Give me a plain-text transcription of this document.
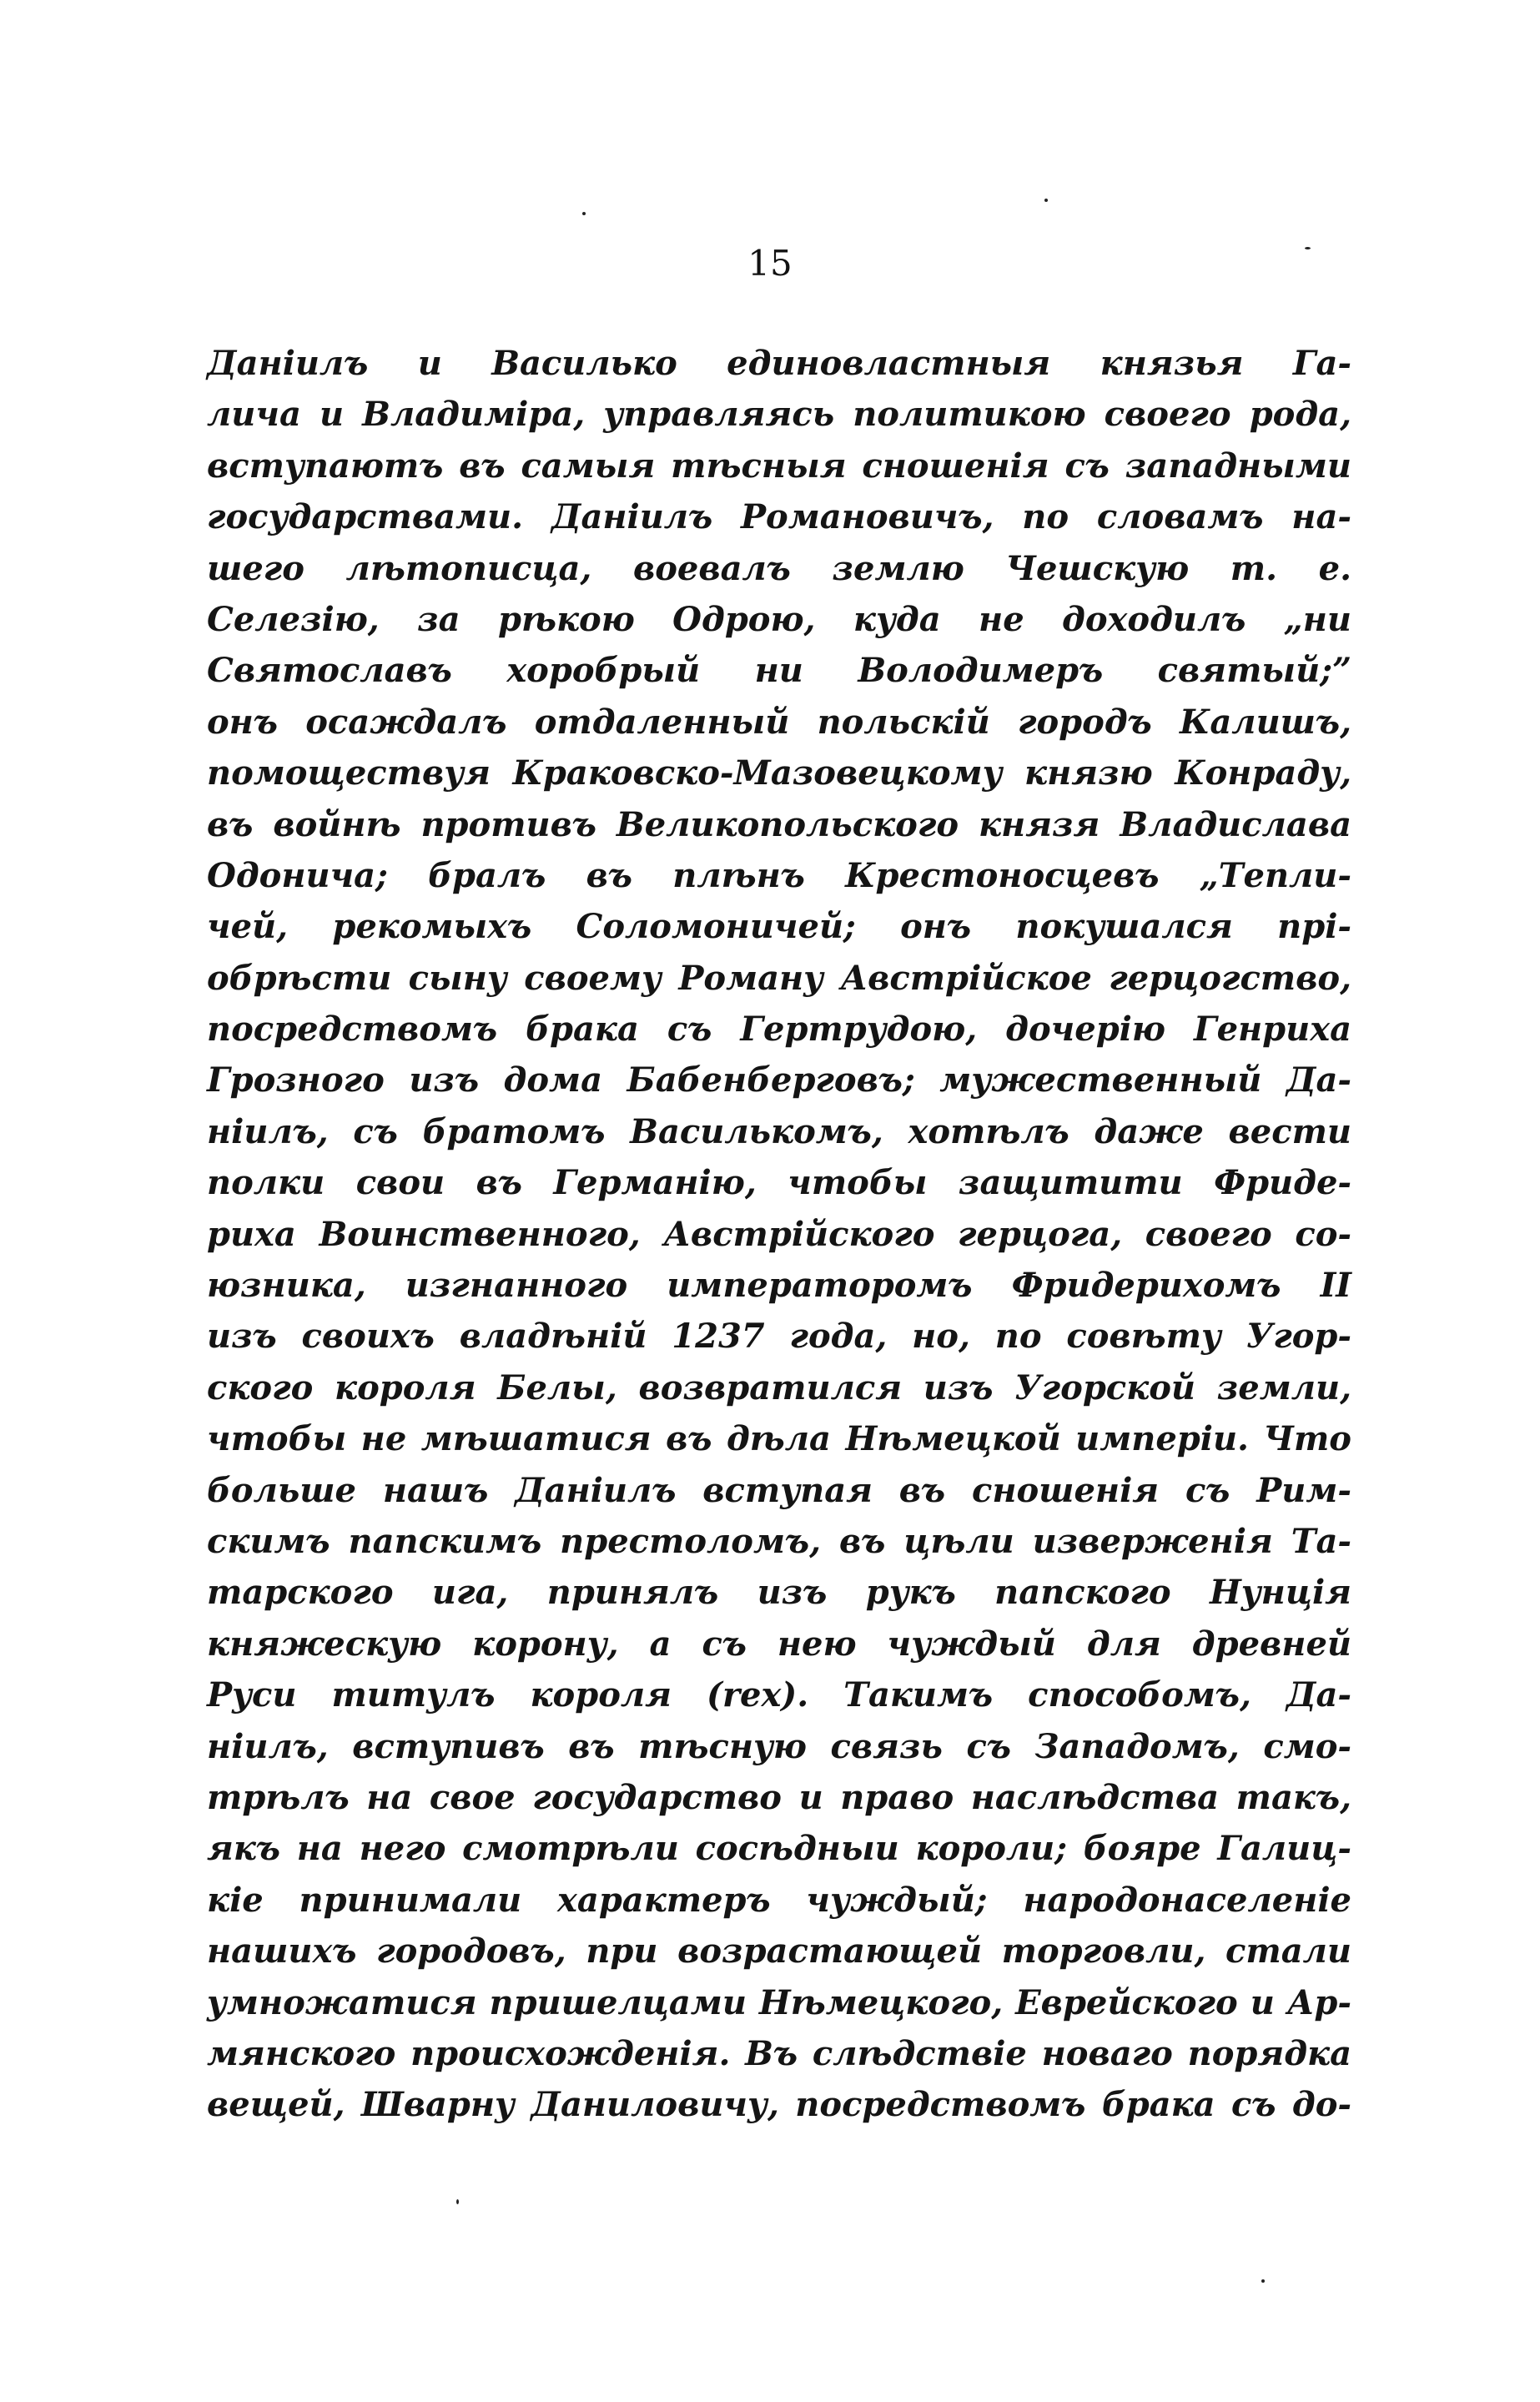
15
Даніилъ и Василько единовластныя князья Га-
лича и Владиміра, управляясь политикою своего рода,
вступаютъ въ самыя тѣсныя сношенія съ западными
государствами. Даніилъ Романовичъ, по словамъ на-
шего лѣтописца, воевалъ землю Чешскую т. е.
Селезію, за рѣкою Одрою, куда не доходилъ „ни
Святославъ хоробрый ни Володимеръ святый;”
онъ осаждалъ отдаленный польскій городъ Калишъ,
помоществуя Краковско-Мазовецкому князю Конраду,
въ войнѣ противъ Великопольского князя Владислава
Одонича; бралъ въ плѣнъ Крестоносцевъ „Тепли-
чей, рекомыхъ Соломоничей; онъ покушался прі-
обрѣсти сыну своему Роману Австрійское герцогство,
посредствомъ брака съ Гертрудою, дочерію Генриха
Грозного изъ дома Бабенберговъ; мужественный Да-
ніилъ, съ братомъ Василькомъ, хотѣлъ даже вести
полки свои въ Германію, чтобы защитити Фриде-
риха Воинственного, Австрійского герцога, своего со-
юзника, изгнанного императоромъ Фридерихомъ II
изъ своихъ владѣній 1237 года, но, по совѣту Угор-
ского короля Белы, возвратился изъ Угорской земли,
чтобы не мѣшатися въ дѣла Нѣмецкой имперіи. Что
больше нашъ Даніилъ вступая въ сношенія съ Рим-
скимъ папскимъ престоломъ, въ цѣли изверженія Та-
тарского ига, принялъ изъ рукъ папского Нунція
княжескую корону, а съ нею чуждый для древней
Руси титулъ короля (rex). Такимъ способомъ, Да-
ніилъ, вступивъ въ тѣсную связь съ Западомъ, смо-
трѣлъ на свое государство и право наслѣдства такъ,
якъ на него смотрѣли сосѣдныи короли; бояре Галиц-
кіе принимали характеръ чуждый; народонаселеніе
нашихъ городовъ, при возрастающей торговли, стали
умножатися пришелцами Нѣмецкого, Еврейского и Ар-
мянского происхожденія. Въ слѣдствіе новаго порядка
вещей, Шварну Даниловичу, посредствомъ брака съ до-
